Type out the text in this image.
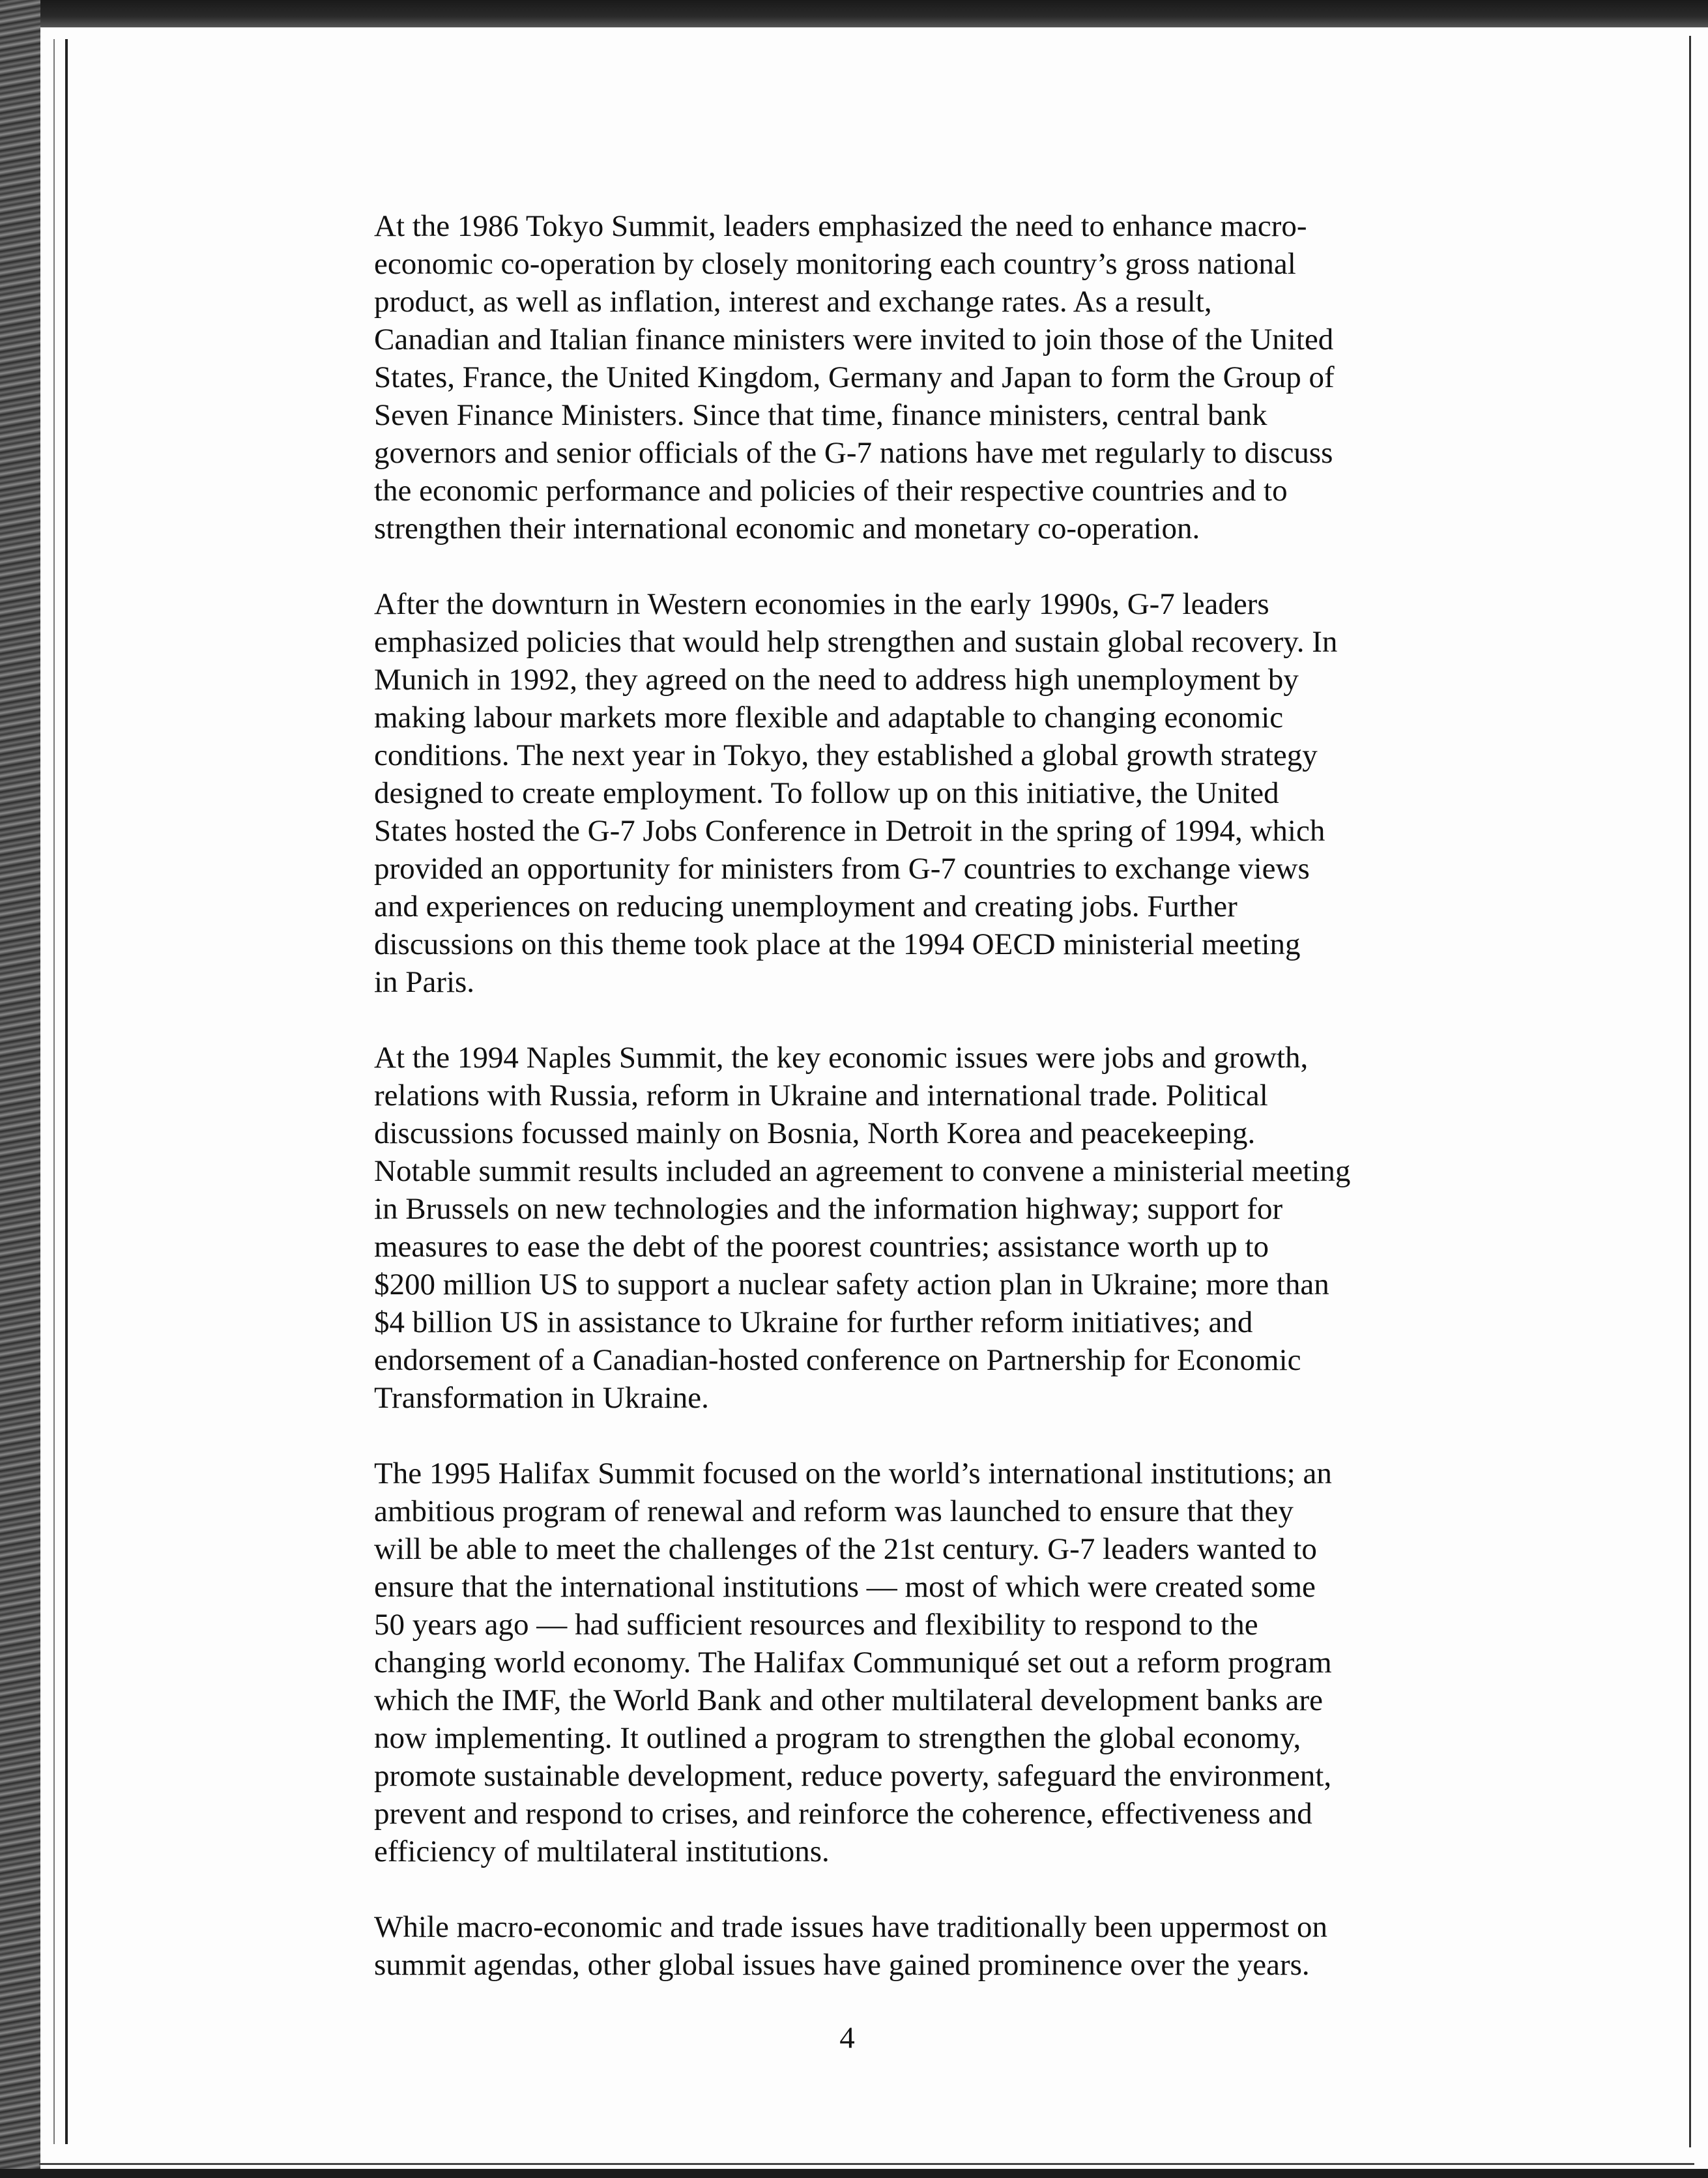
At the 1986 Tokyo Summit, leaders emphasized the need to enhance macro-
economic co-operation by closely monitoring each country’s gross national
product, as well as inflation, interest and exchange rates. As a result,
Canadian and Italian finance ministers were invited to join those of the United
States, France, the United Kingdom, Germany and Japan to form the Group of
Seven Finance Ministers. Since that time, finance ministers, central bank
governors and senior officials of the G-7 nations have met regularly to discuss
the economic performance and policies of their respective countries and to
strengthen their international economic and monetary co-operation.

After the downturn in Western economies in the early 1990s, G-7 leaders
emphasized policies that would help strengthen and sustain global recovery. In
Munich in 1992, they agreed on the need to address high unemployment by
making labour markets more flexible and adaptable to changing economic
conditions. The next year in Tokyo, they established a global growth strategy
designed to create employment. To follow up on this initiative, the United
States hosted the G-7 Jobs Conference in Detroit in the spring of 1994, which
provided an opportunity for ministers from G-7 countries to exchange views
and experiences on reducing unemployment and creating jobs. Further
discussions on this theme took place at the 1994 OECD ministerial meeting
in Paris.

At the 1994 Naples Summit, the key economic issues were jobs and growth,
relations with Russia, reform in Ukraine and international trade. Political
discussions focussed mainly on Bosnia, North Korea and peacekeeping.
Notable summit results included an agreement to convene a ministerial meeting
in Brussels on new technologies and the information highway; support for
measures to ease the debt of the poorest countries; assistance worth up to
$200 million US to support a nuclear safety action plan in Ukraine; more than
$4 billion US in assistance to Ukraine for further reform initiatives; and
endorsement of a Canadian-hosted conference on Partnership for Economic
Transformation in Ukraine.

The 1995 Halifax Summit focused on the world’s international institutions; an
ambitious program of renewal and reform was launched to ensure that they
will be able to meet the challenges of the 21st century. G-7 leaders wanted to
ensure that the international institutions — most of which were created some
50 years ago — had sufficient resources and flexibility to respond to the
changing world economy. The Halifax Communiqué set out a reform program
which the IMF, the World Bank and other multilateral development banks are
now implementing. It outlined a program to strengthen the global economy,
promote sustainable development, reduce poverty, safeguard the environment,
prevent and respond to crises, and reinforce the coherence, effectiveness and
efficiency of multilateral institutions.

While macro-economic and trade issues have traditionally been uppermost on
summit agendas, other global issues have gained prominence over the years.

4
